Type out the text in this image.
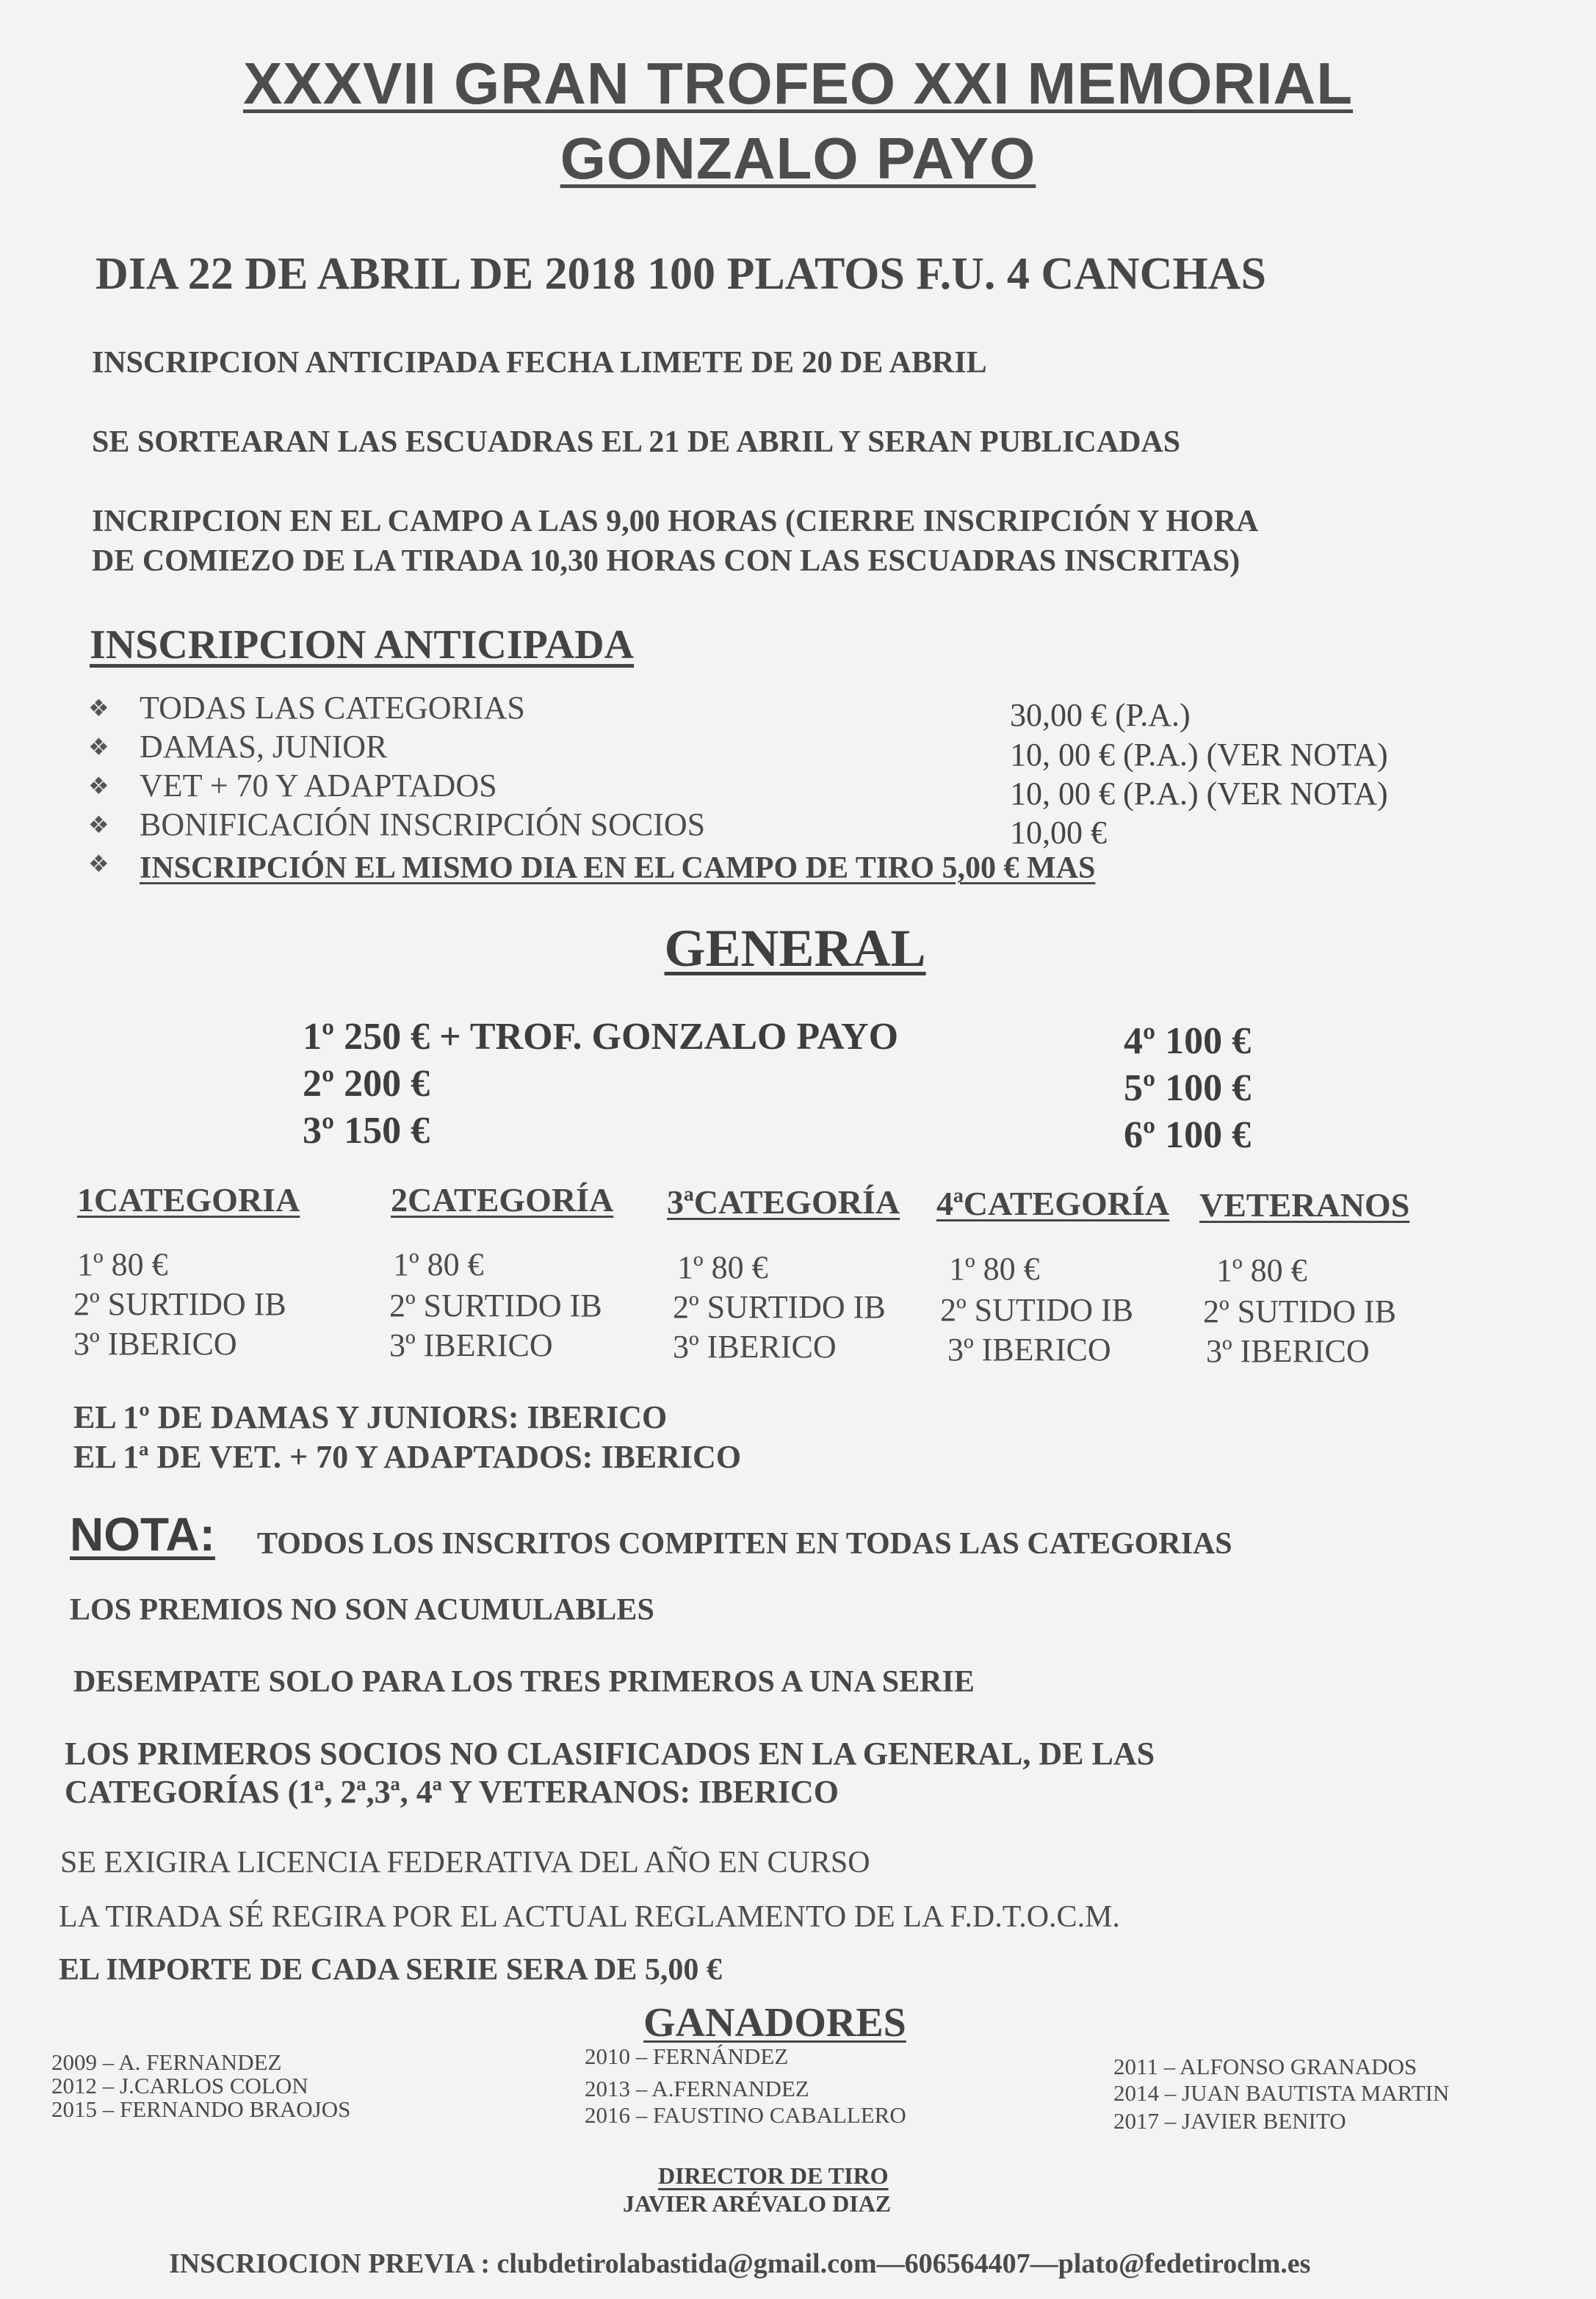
XXXVII GRAN TROFEO XXI MEMORIAL
GONZALO PAYO
DIA 22 DE ABRIL DE 2018 100 PLATOS F.U. 4 CANCHAS
INSCRIPCION ANTICIPADA FECHA LIMETE DE 20 DE ABRIL
SE SORTEARAN LAS ESCUADRAS EL 21 DE ABRIL Y SERAN PUBLICADAS
INCRIPCION EN EL CAMPO A LAS 9,00 HORAS (CIERRE INSCRIPCIÓN Y HORA
DE COMIEZO DE LA TIRADA 10,30 HORAS CON LAS ESCUADRAS INSCRITAS)
INSCRIPCION ANTICIPADA
❖ TODAS LAS CATEGORIAS	30,00 € (P.A.)
❖ DAMAS, JUNIOR	10, 00 € (P.A.) (VER NOTA)
❖ VET + 70 Y ADAPTADOS	10, 00 € (P.A.) (VER NOTA)
❖ BONIFICACIÓN INSCRIPCIÓN SOCIOS	10,00 €
❖ INSCRIPCIÓN EL MISMO DIA EN EL CAMPO DE TIRO 5,00 € MAS
GENERAL
1º 250 € + TROF. GONZALO PAYO
2º 200 €
3º 150 €
4º 100 €
5º 100 €
6º 100 €
1CATEGORIA
1º 80 €
2º SURTIDO IB
3º IBERICO
2CATEGORÍA
1º 80 €
2º SURTIDO IB
3º IBERICO
3ªCATEGORÍA
1º 80 €
2º SURTIDO IB
3º IBERICO
4ªCATEGORÍA
1º 80 €
2º SUTIDO IB
3º IBERICO
VETERANOS
1º 80 €
2º SUTIDO IB
3º IBERICO
EL 1º DE DAMAS Y JUNIORS: IBERICO
EL 1ª DE VET. + 70 Y ADAPTADOS: IBERICO
NOTA: TODOS LOS INSCRITOS COMPITEN EN TODAS LAS CATEGORIAS
LOS PREMIOS NO SON ACUMULABLES
DESEMPATE SOLO PARA LOS TRES PRIMEROS A UNA SERIE
LOS PRIMEROS SOCIOS NO CLASIFICADOS EN LA GENERAL, DE LAS
CATEGORÍAS (1ª, 2ª,3ª, 4ª Y VETERANOS: IBERICO
SE EXIGIRA LICENCIA FEDERATIVA DEL AÑO EN CURSO
LA TIRADA SÉ REGIRA POR EL ACTUAL REGLAMENTO DE LA F.D.T.O.C.M.
EL IMPORTE DE CADA SERIE SERA DE 5,00 €
GANADORES
2009 – A. FERNANDEZ
2012 – J.CARLOS COLON
2015 – FERNANDO BRAOJOS
2010 – FERNÁNDEZ
2013 – A.FERNANDEZ
2016 – FAUSTINO CABALLERO
2011 – ALFONSO GRANADOS
2014 – JUAN BAUTISTA MARTIN
2017 – JAVIER BENITO
DIRECTOR DE TIRO
JAVIER ARÉVALO DIAZ
INSCRIOCION PREVIA : clubdetirolabastida@gmail.com—606564407—plato@fedetiroclm.es
